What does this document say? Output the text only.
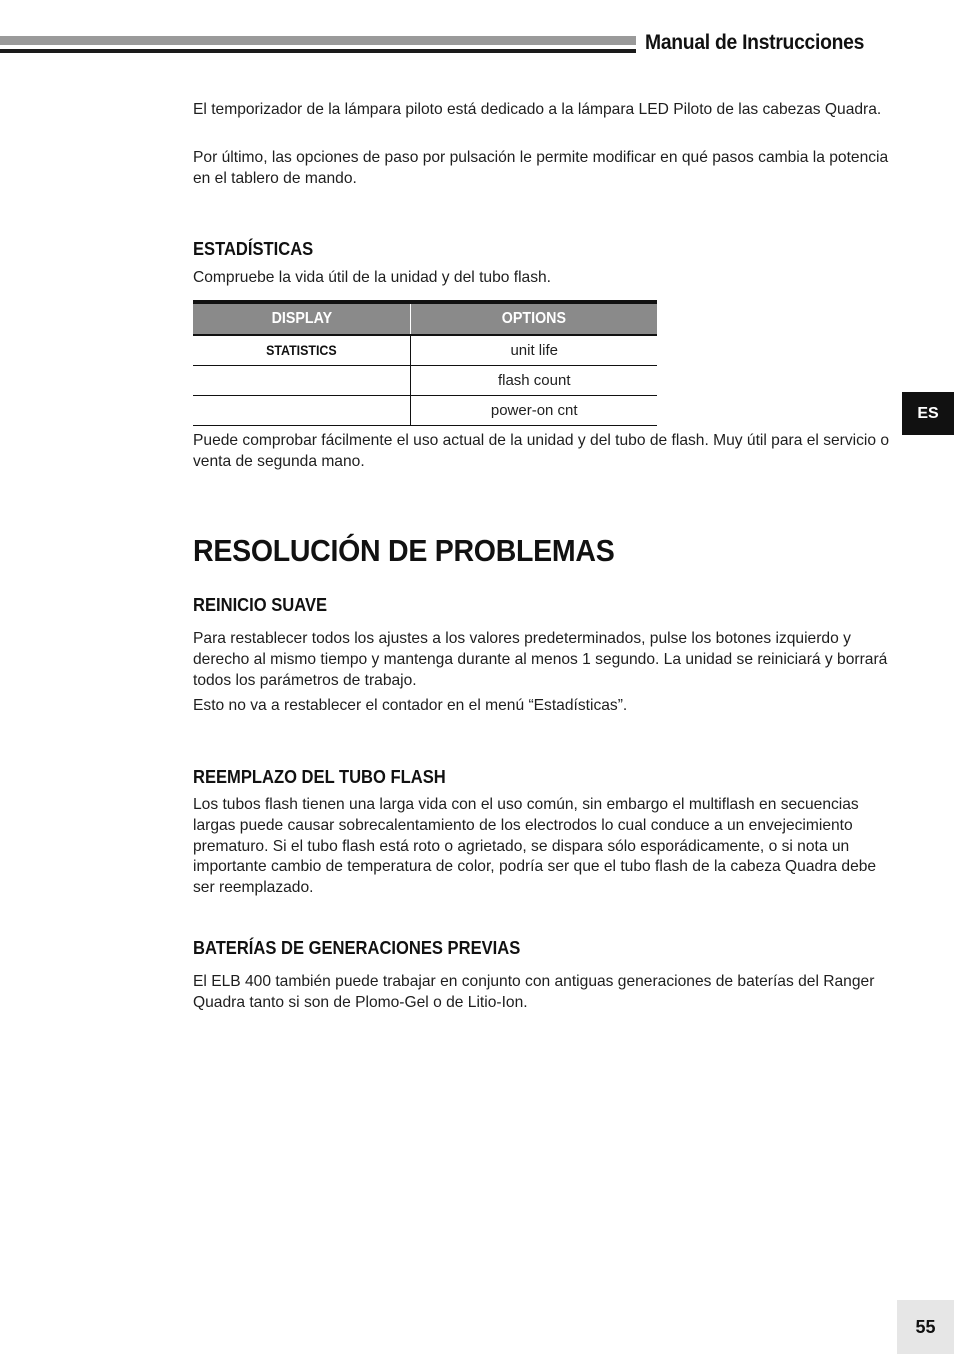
Manual de Instrucciones
ES

El temporizador de la lámpara piloto está dedicado a la lámpara LED Piloto de las cabezas Quadra.

Por último, las opciones de paso por pulsación le permite modificar en qué pasos cambia la potencia en el tablero de mando.

ESTADÍSTICAS

Compruebe la vida útil de la unidad y del tubo flash.

DISPLAY	OPTIONS
STATISTICS	unit life
	flash count
	power-on cnt

Puede comprobar fácilmente el uso actual de la unidad y del tubo de flash. Muy útil para el servicio o venta de segunda mano.

RESOLUCIÓN DE PROBLEMAS
REINICIO SUAVE

Para restablecer todos los ajustes a los valores predeterminados, pulse los botones izquierdo y derecho al mismo tiempo y mantenga durante al menos 1 segundo. La unidad se reiniciará y borrará todos los parámetros de trabajo.

Esto no va a restablecer el contador en el menú “Estadísticas”.

REEMPLAZO DEL TUBO FLASH

Los tubos flash tienen una larga vida con el uso común, sin embargo el multiflash en secuencias largas puede causar sobrecalentamiento de los electrodos lo cual conduce a un envejecimiento prematuro. Si el tubo flash está roto o agrietado, se dispara sólo esporádicamente, o si nota un importante cambio de temperatura de color, podría ser que el tubo flash de la cabeza Quadra debe ser reemplazado.

BATERÍAS DE GENERACIONES PREVIAS

El ELB 400 también puede trabajar en conjunto con antiguas generaciones de baterías del Ranger Quadra tanto si son de Plomo-Gel o de Litio-Ion.

55
